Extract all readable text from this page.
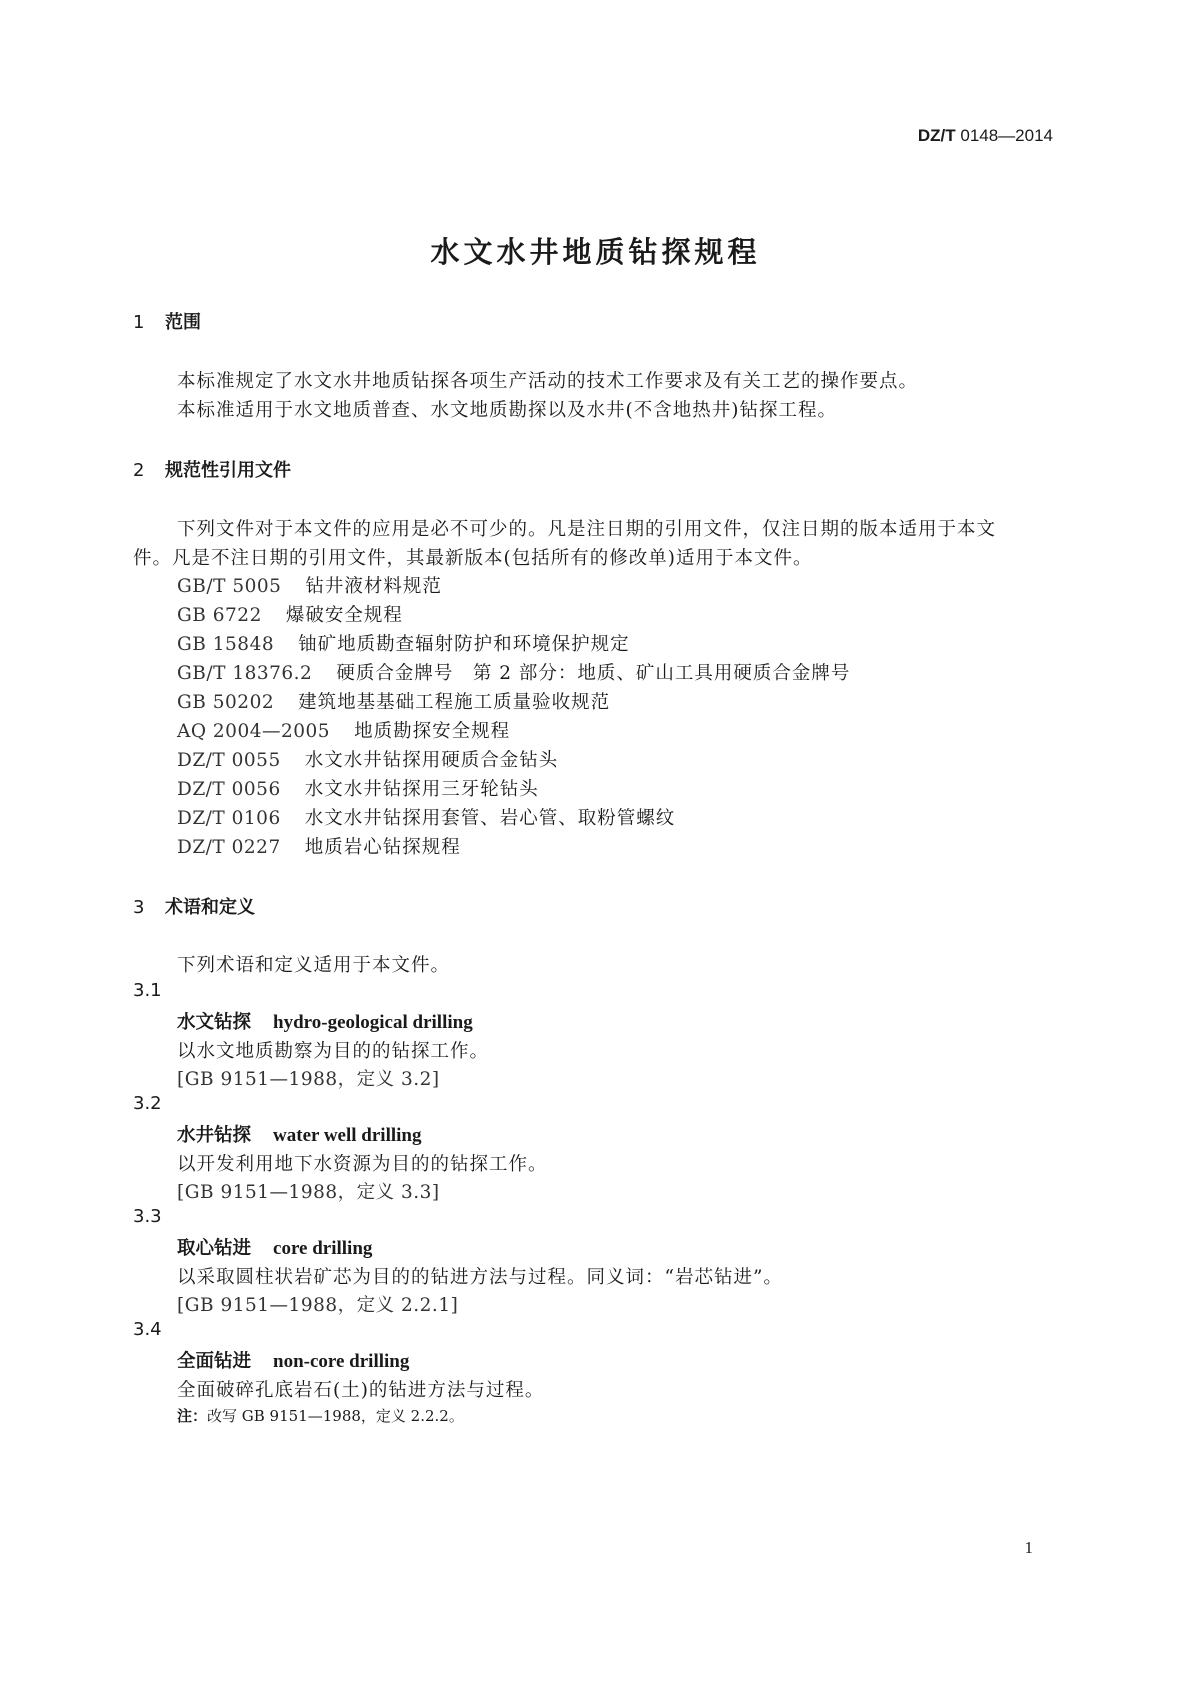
DZ/T 0148—2014
水文水井地质钻探规程
1 范围
本标准规定了水文水井地质钻探各项生产活动的技术工作要求及有关工艺的操作要点。
本标准适用于水文地质普查、水文地质勘探以及水井(不含地热井)钻探工程。
2 规范性引用文件
下列文件对于本文件的应用是必不可少的。凡是注日期的引用文件，仅注日期的版本适用于本文
件。凡是不注日期的引用文件，其最新版本(包括所有的修改单)适用于本文件。
GB/T 5005 钻井液材料规范
GB 6722 爆破安全规程
GB 15848 铀矿地质勘查辐射防护和环境保护规定
GB/T 18376.2 硬质合金牌号　第 2 部分：地质、矿山工具用硬质合金牌号
GB 50202 建筑地基基础工程施工质量验收规范
AQ 2004—2005 地质勘探安全规程
DZ/T 0055 水文水井钻探用硬质合金钻头
DZ/T 0056 水文水井钻探用三牙轮钻头
DZ/T 0106 水文水井钻探用套管、岩心管、取粉管螺纹
DZ/T 0227 地质岩心钻探规程
3 术语和定义
下列术语和定义适用于本文件。
3.1
水文钻探 hydro-geological drilling
以水文地质勘察为目的的钻探工作。
[GB 9151—1988，定义 3.2]
3.2
水井钻探 water well drilling
以开发利用地下水资源为目的的钻探工作。
[GB 9151—1988，定义 3.3]
3.3
取心钻进 core drilling
以采取圆柱状岩矿芯为目的的钻进方法与过程。同义词：“岩芯钻进”。
[GB 9151—1988，定义 2.2.1]
3.4
全面钻进 non-core drilling
全面破碎孔底岩石(土)的钻进方法与过程。
注：改写 GB 9151—1988，定义 2.2.2。
1
